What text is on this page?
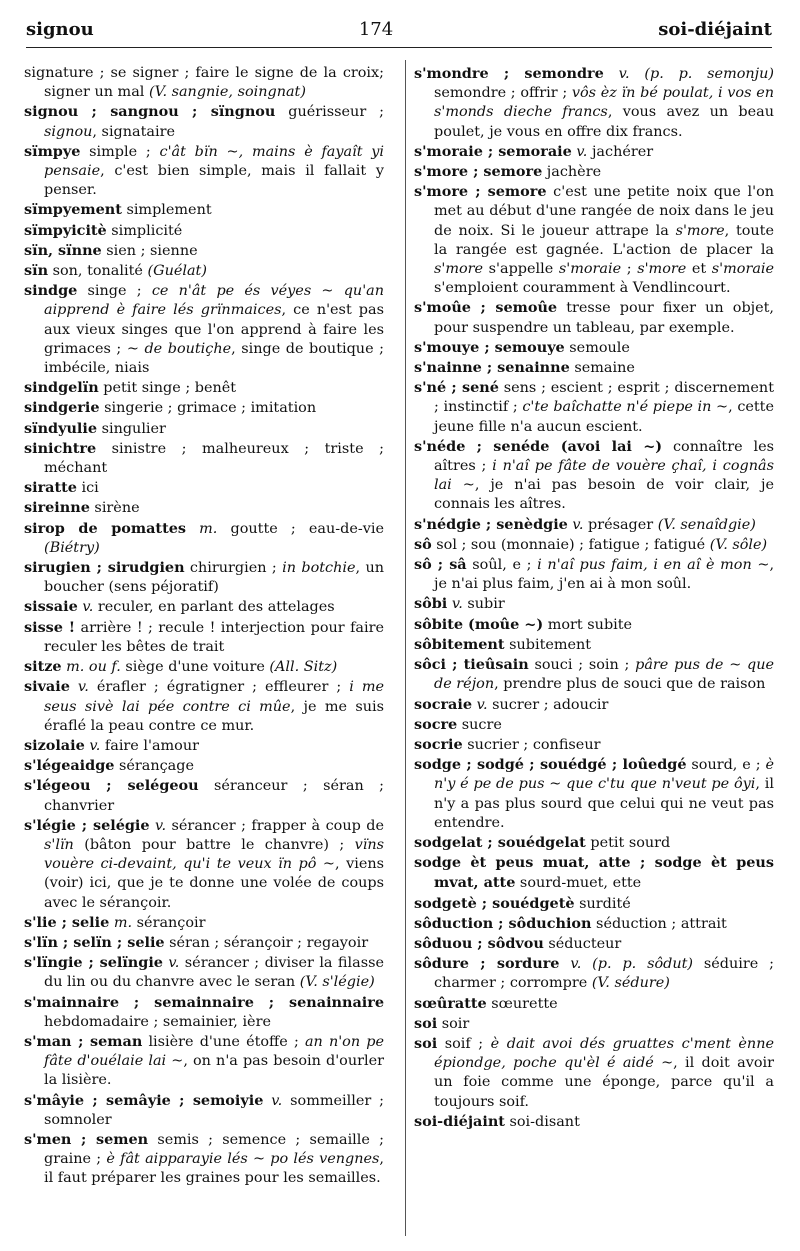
signou	174	soi-diéjaint

signature ; se signer ; faire le signe de la croix; signer un mal (V. sangnie, soingnat)

signou ; sangnou ; sïngnou guérisseur ; signou, signataire

sïmpye simple ; c'ât bïn ~, mains è fayaît yi pensaie, c'est bien simple, mais il fallait y penser.

sïmpyement simplement

sïmpyicitè simplicité

sïn, sïnne sien ; sienne

sïn son, tonalité (Guélat)

sindge singe ; ce n'ât pe és véyes ~ qu'an aipprend è faire lés grïnmaices, ce n'est pas aux vieux singes que l'on apprend à faire les grimaces ; ~ de boutiçhe, singe de boutique ; imbécile, niais

sindgelïn petit singe ; benêt

sindgerie singerie ; grimace ; imitation

sïndyulie singulier

sinichtre sinistre ; malheureux ; triste ; méchant

siratte ici

sireinne sirène

sirop de pomattes m. goutte ; eau-de-vie (Biétry)

sirugien ; sirudgien chirurgien ; in botchie, un boucher (sens péjoratif)

sissaie v. reculer, en parlant des attelages

sisse ! arrière ! ; recule ! interjection pour faire reculer les bêtes de trait

sitze m. ou f. siège d'une voiture (All. Sitz)

sivaie v. érafler ; égratigner ; effleurer ; i me seus sivè lai pée contre ci mûe, je me suis éraflé la peau contre ce mur.

sizolaie v. faire l'amour

s'légeaidge sérançage

s'légeou ; selégeou séranceur ; séran ; chanvrier

s'légie ; selégie v. sérancer ; frapper à coup de s'lïn (bâton pour battre le chanvre) ; vïns vouère ci-devaint, qu'i te veux ïn pô ~, viens (voir) ici, que je te donne une volée de coups avec le sérançoir.

s'lie ; selie m. sérançoir

s'lïn ; selïn ; selie séran ; sérançoir ; regayoir

s'lïngie ; selïngie v. sérancer ; diviser la filasse du lin ou du chanvre avec le seran (V. s'légie)

s'mainnaire ; semainnaire ; senainnaire hebdomadaire ; semainier, ière

s'man ; seman lisière d'une étoffe ; an n'on pe fâte d'ouélaie lai ~, on n'a pas besoin d'ourler la lisière.

s'mâyie ; semâyie ; semoiyie v. sommeiller ; somnoler

s'men ; semen semis ; semence ; semaille ; graine ; è fât aipparayie lés ~ po lés vengnes, il faut préparer les graines pour les semailles.

s'mondre ; semondre v. (p. p. semonju) semondre ; offrir ; vôs èz ïn bé poulat, i vos en s'monds dieche francs, vous avez un beau poulet, je vous en offre dix francs.

s'moraie ; semoraie v. jachérer

s'more ; semore jachère

s'more ; semore c'est une petite noix que l'on met au début d'une rangée de noix dans le jeu de noix. Si le joueur attrape la s'more, toute la rangée est gagnée. L'action de placer la s'more s'appelle s'moraie ; s'more et s'moraie s'emploient couramment à Vendlincourt.

s'moûe ; semoûe tresse pour fixer un objet, pour suspendre un tableau, par exemple.

s'mouye ; semouye semoule

s'nainne ; senainne semaine

s'né ; sené sens ; escient ; esprit ; discernement ; instinctif ; c'te baîchatte n'é piepe in ~, cette jeune fille n'a aucun escient.

s'néde ; senéde (avoi lai ~) connaître les aîtres ; i n'aî pe fâte de vouère çhaî, i cognâs lai ~, je n'ai pas besoin de voir clair, je connais les aîtres.

s'nédgie ; senèdgie v. présager (V. senaîdgie)

sô sol ; sou (monnaie) ; fatigue ; fatigué (V. sôle)

sô ; sâ soûl, e ; i n'aî pus faim, i en aî è mon ~, je n'ai plus faim, j'en ai à mon soûl.

sôbi v. subir

sôbite (moûe ~) mort subite

sôbitement subitement

sôci ; tieûsain souci ; soin ; pâre pus de ~ que de réjon, prendre plus de souci que de raison

socraie v. sucrer ; adoucir

socre sucre

socrie sucrier ; confiseur

sodge ; sodgé ; souédgé ; loûedgé sourd, e ; è n'y é pe de pus ~ que c'tu que n'veut pe ôyi, il n'y a pas plus sourd que celui qui ne veut pas entendre.

sodgelat ; souédgelat petit sourd

sodge èt peus muat, atte ; sodge èt peus mvat, atte sourd-muet, ette

sodgetè ; souédgetè surdité

sôduction ; sôduchion séduction ; attrait

sôduou ; sôdvou séducteur

sôdure ; sordure v. (p. p. sôdut) séduire ; charmer ; corrompre (V. sédure)

sœûratte sœurette

soi soir

soi soif ; è dait avoi dés gruattes c'ment ènne épiondge, poche qu'èl é aidé ~, il doit avoir un foie comme une éponge, parce qu'il a toujours soif.

soi-diéjaint soi-disant
